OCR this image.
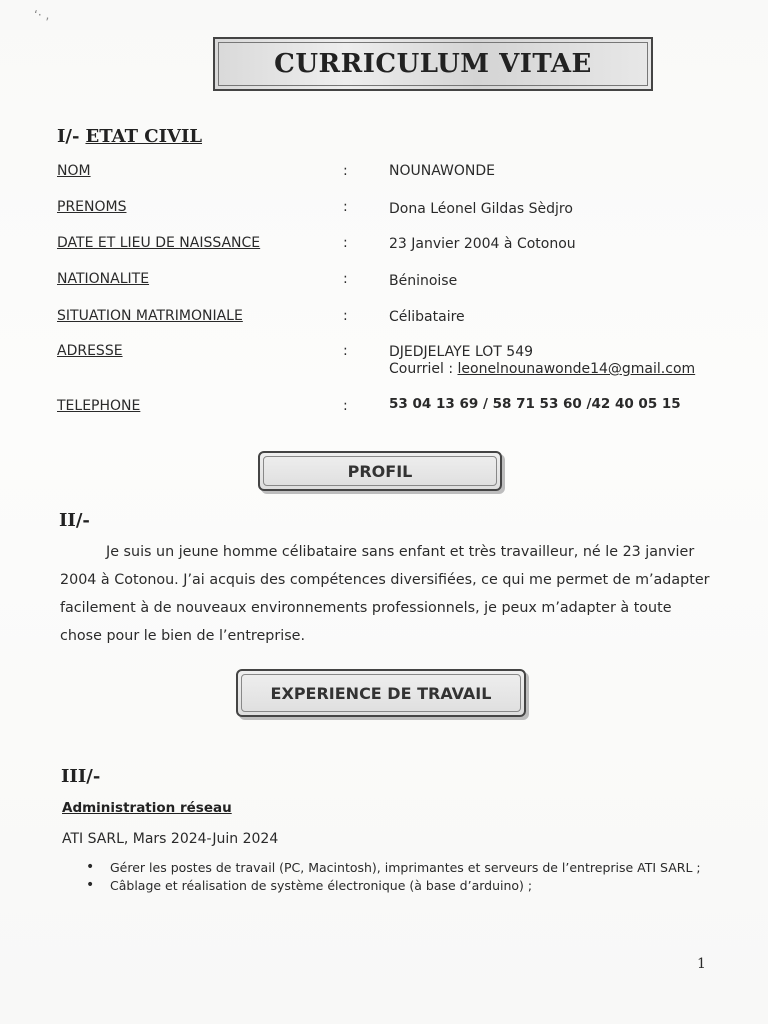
‘· ,
CURRICULUM VITAE
I/- ETAT CIVIL
NOM	:	NOUNAWONDE
PRENOMS	:	Dona Léonel Gildas Sèdjro
DATE ET LIEU DE NAISSANCE	:	23 Janvier 2004 à Cotonou
NATIONALITE	:	Béninoise
SITUATION MATRIMONIALE	:	Célibataire
ADRESSE	:	DJEDJELAYE LOT 549
Courriel : leonelnounawonde14@gmail.com
TELEPHONE	:	53 04 13 69 / 58 71 53 60 /42 40 05 15
PROFIL
II/-
Je suis un jeune homme célibataire sans enfant et très travailleur, né le 23 janvier
2004 à Cotonou. J’ai acquis des compétences diversifiées, ce qui me permet de m’adapter
facilement à de nouveaux environnements professionnels, je peux m’adapter à toute
chose pour le bien de l’entreprise.
EXPERIENCE DE TRAVAIL
III/-
Administration réseau
ATI SARL, Mars 2024-Juin 2024
• Gérer les postes de travail (PC, Macintosh), imprimantes et serveurs de l’entreprise ATI SARL ;
• Câblage et réalisation de système électronique (à base d’arduino) ;
1
